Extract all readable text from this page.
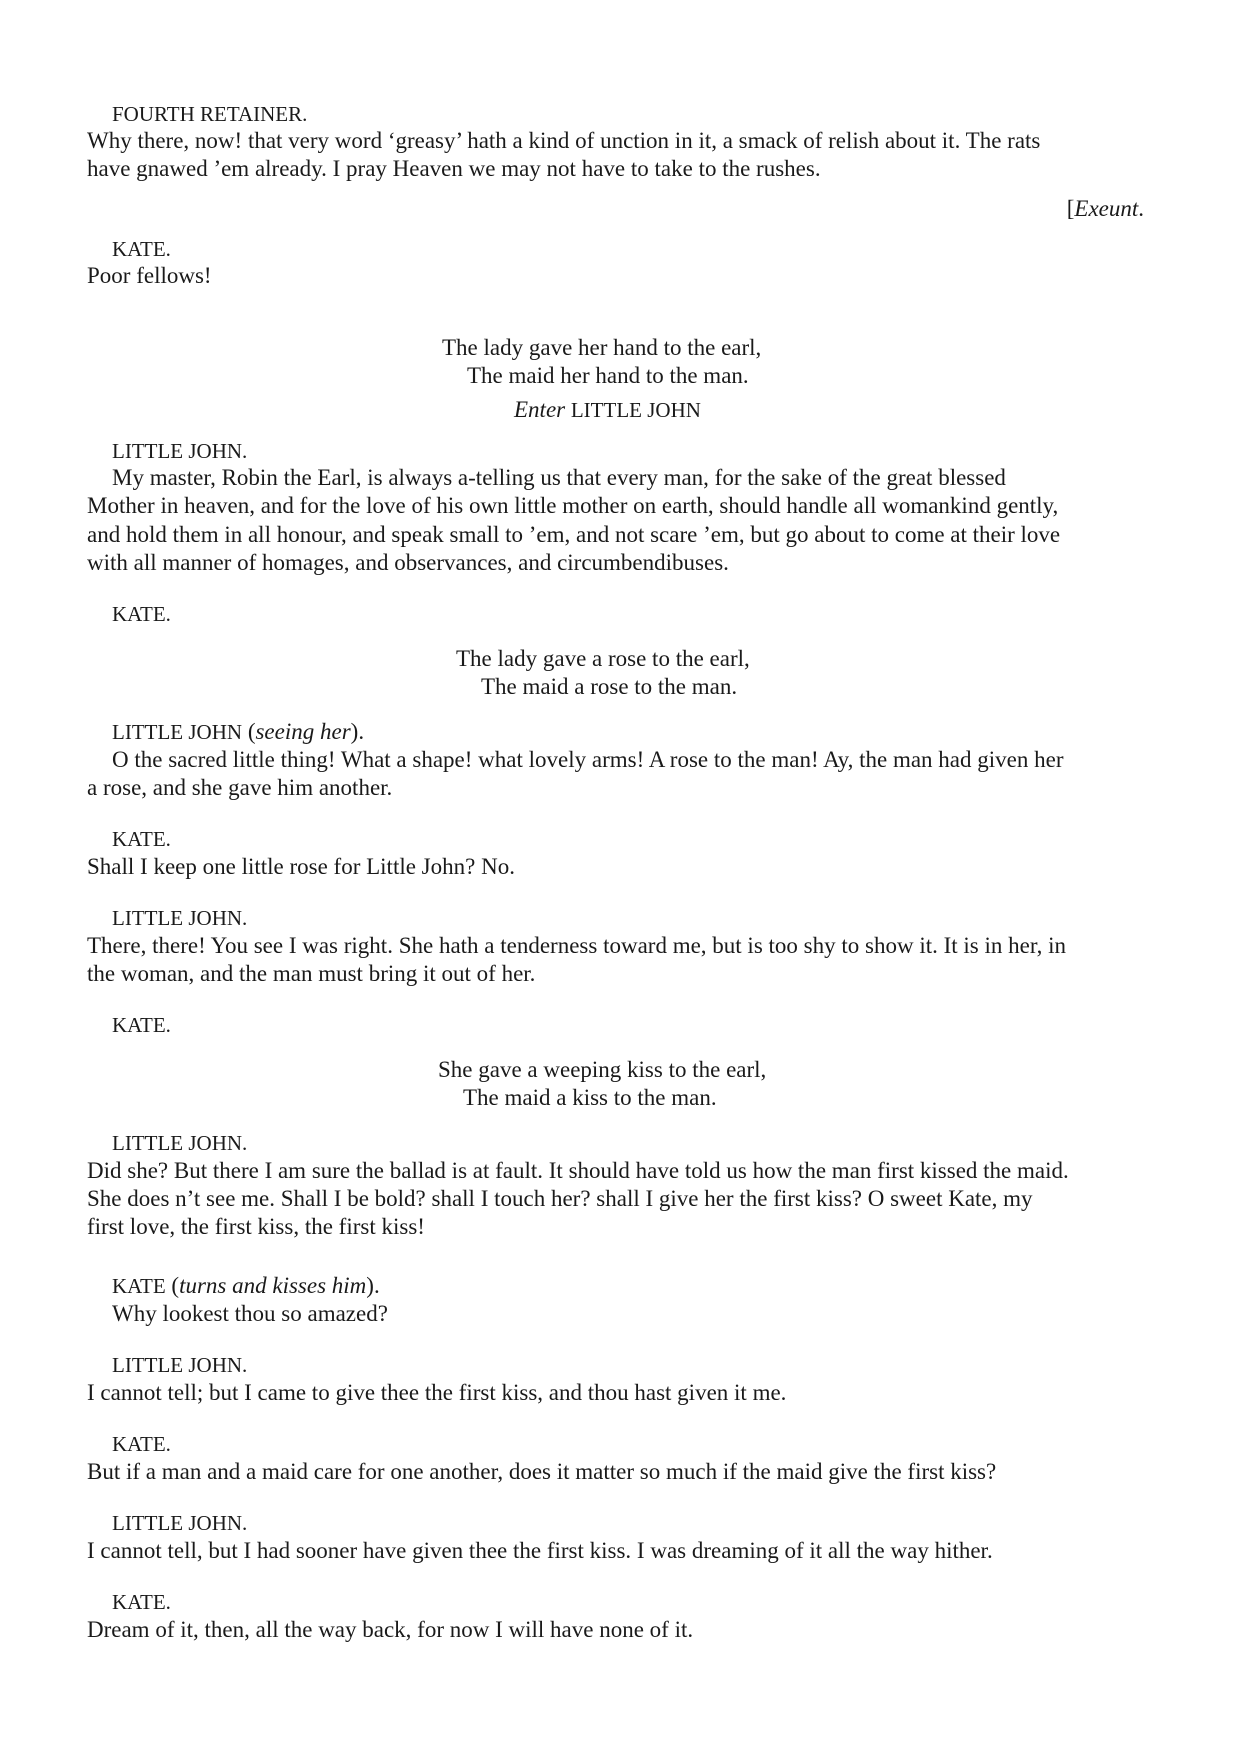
FOURTH RETAINER.

Why there, now! that very word ‘greasy’ hath a kind of unction in it, a smack of relish about it. The rats

have gnawed ’em already. I pray Heaven we may not have to take to the rushes.

[Exeunt.

KATE.

Poor fellows!

The lady gave her hand to the earl,

The maid her hand to the man.

Enter LITTLE JOHN

LITTLE JOHN.

My master, Robin the Earl, is always a-telling us that every man, for the sake of the great blessed

Mother in heaven, and for the love of his own little mother on earth, should handle all womankind gently,

and hold them in all honour, and speak small to ’em, and not scare ’em, but go about to come at their love

with all manner of homages, and observances, and circumbendibuses.

KATE.

The lady gave a rose to the earl,

The maid a rose to the man.

LITTLE JOHN (seeing her).

O the sacred little thing! What a shape! what lovely arms! A rose to the man! Ay, the man had given her

a rose, and she gave him another.

KATE.

Shall I keep one little rose for Little John? No.

LITTLE JOHN.

There, there! You see I was right. She hath a tenderness toward me, but is too shy to show it. It is in her, in

the woman, and the man must bring it out of her.

KATE.

She gave a weeping kiss to the earl,

The maid a kiss to the man.

LITTLE JOHN.

Did she? But there I am sure the ballad is at fault. It should have told us how the man first kissed the maid.

She does n’t see me. Shall I be bold? shall I touch her? shall I give her the first kiss? O sweet Kate, my

first love, the first kiss, the first kiss!

KATE (turns and kisses him).

Why lookest thou so amazed?

LITTLE JOHN.

I cannot tell; but I came to give thee the first kiss, and thou hast given it me.

KATE.

But if a man and a maid care for one another, does it matter so much if the maid give the first kiss?

LITTLE JOHN.

I cannot tell, but I had sooner have given thee the first kiss. I was dreaming of it all the way hither.

KATE.

Dream of it, then, all the way back, for now I will have none of it.
